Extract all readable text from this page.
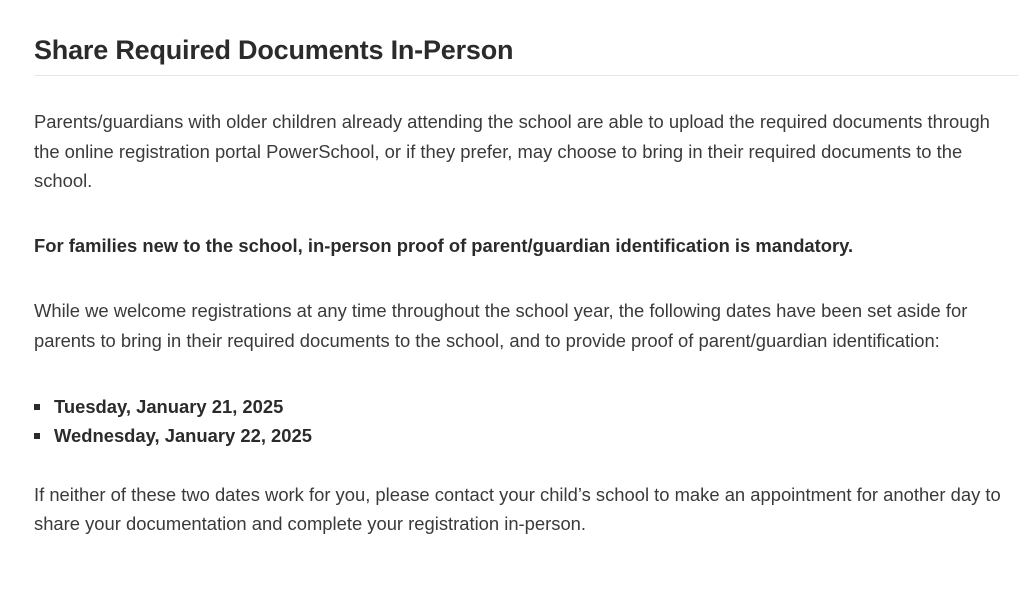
Share Required Documents In-Person

Parents/guardians with older children already attending the school are able to upload the required documents through the online registration portal PowerSchool, or if they prefer, may choose to bring in their required documents to the school.

For families new to the school, in-person proof of parent/guardian identification is mandatory.

While we welcome registrations at any time throughout the school year, the following dates have been set aside for parents to bring in their required documents to the school, and to provide proof of parent/guardian identification:

Tuesday, January 21, 2025
Wednesday, January 22, 2025

If neither of these two dates work for you, please contact your child’s school to make an appointment for another day to share your documentation and complete your registration in-person.
